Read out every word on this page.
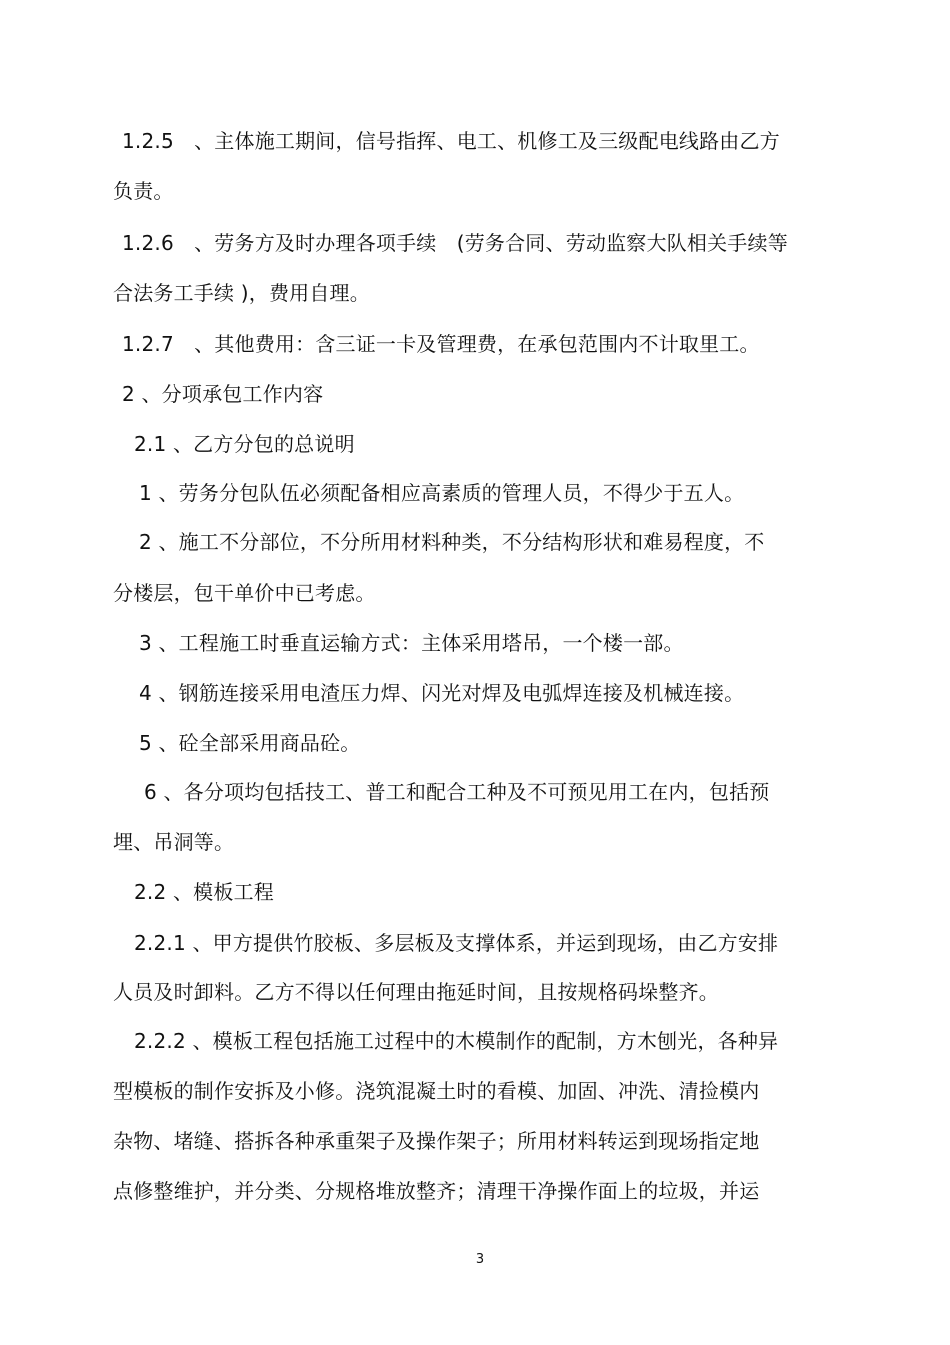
1.2.5　、主体施工期间，信号指挥、电工、机修工及三级配电线路由乙方
负责。
1.2.6　、劳务方及时办理各项手续　(劳务合同、劳动监察大队相关手续等
合法务工手续 )，费用自理。
1.2.7　、其他费用：含三证一卡及管理费，在承包范围内不计取里工。
2 、分项承包工作内容
2.1 、乙方分包的总说明
1 、劳务分包队伍必须配备相应高素质的管理人员，不得少于五人。
2 、施工不分部位，不分所用材料种类，不分结构形状和难易程度，不
分楼层，包干单价中已考虑。
3 、工程施工时垂直运输方式：主体采用塔吊，一个楼一部。
4 、钢筋连接采用电渣压力焊、闪光对焊及电弧焊连接及机械连接。
5 、砼全部采用商品砼。
6 、各分项均包括技工、普工和配合工种及不可预见用工在内，包括预
埋、吊洞等。
2.2 、模板工程
2.2.1 、甲方提供竹胶板、多层板及支撑体系，并运到现场，由乙方安排
人员及时卸料。乙方不得以任何理由拖延时间，且按规格码垛整齐。
2.2.2 、模板工程包括施工过程中的木模制作的配制，方木刨光，各种异
型模板的制作安拆及小修。浇筑混凝土时的看模、加固、冲洗、清捡模内
杂物、堵缝、搭拆各种承重架子及操作架子；所用材料转运到现场指定地
点修整维护，并分类、分规格堆放整齐；清理干净操作面上的垃圾，并运
3
